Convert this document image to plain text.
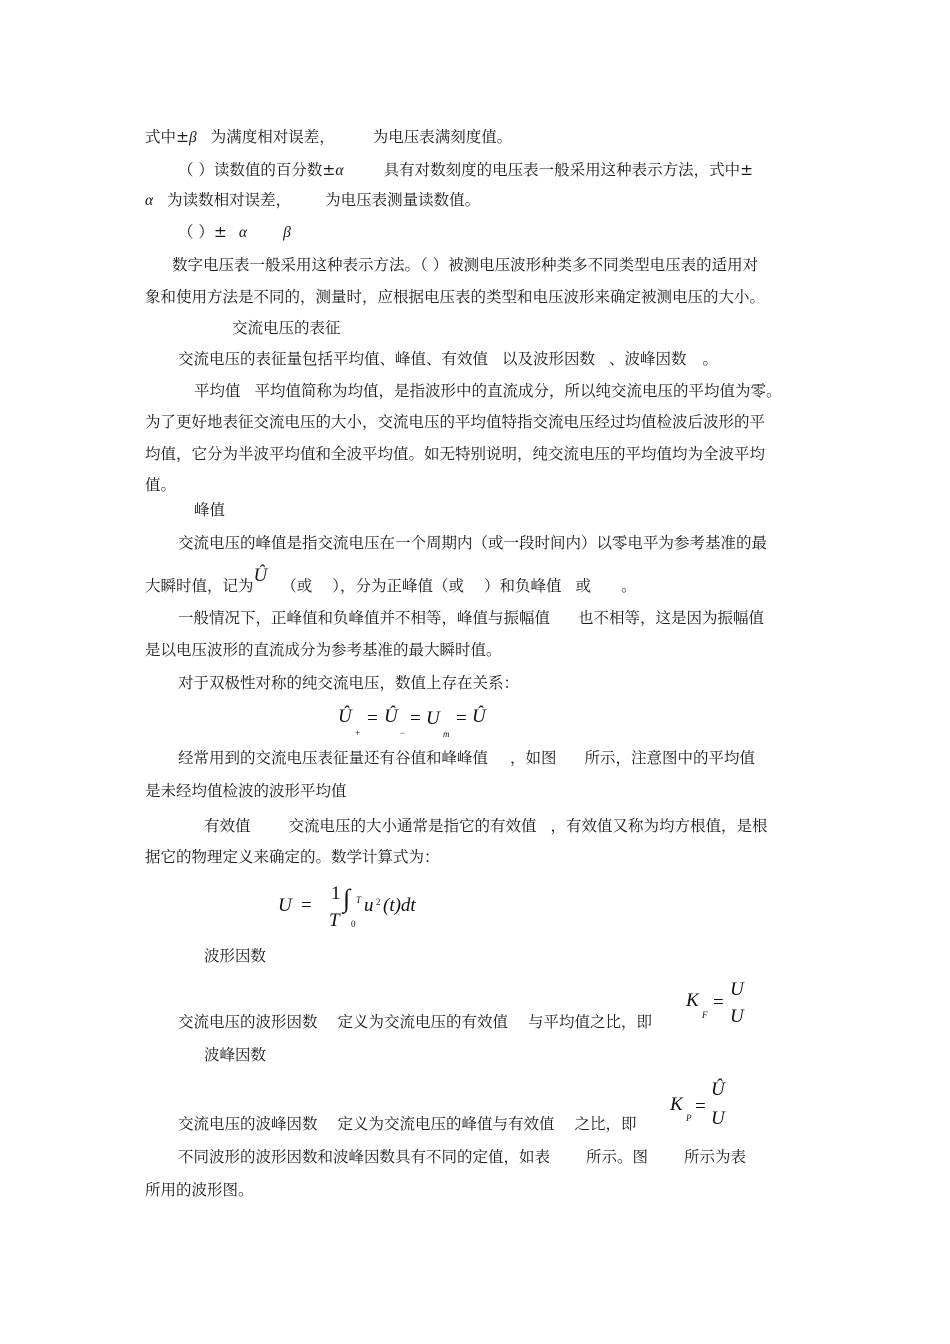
式中±β 为满度相对误差， 为电压表满刻度值。
（ ）读数值的百分数±α	具有对数刻度的电压表一般采用这种表示方法，式中±
α 为读数相对误差， 为电压表测量读数值。
（ ）± α β
数字电压表一般采用这种表示方法。（ ）被测电压波形种类多不同类型电压表的适用对
象和使用方法是不同的，测量时，应根据电压表的类型和电压波形来确定被测电压的大小。
交流电压的表征
交流电压的表征量包括平均值、峰值、有效值 以及波形因数 、波峰因数 。
平均值 平均值简称为均值，是指波形中的直流成分，所以纯交流电压的平均值为零。
为了更好地表征交流电压的大小，交流电压的平均值特指交流电压经过均值检波后波形的平
均值，它分为半波平均值和全波平均值。如无特别说明，纯交流电压的平均值均为全波平均
值。
峰值
交流电压的峰值是指交流电压在一个周期内（或一段时间内）以零电平为参考基准的最
大瞬时值，记为Û （或 ），分为正峰值（或 ）和负峰值 或 。
一般情况下，正峰值和负峰值并不相等，峰值与振幅值 也不相等，这是因为振幅值
是以电压波形的直流成分为参考基准的最大瞬时值。
对于双极性对称的纯交流电压，数值上存在关系：
Û
+
= Û
−
= U
m
= Û
经常用到的交流电压表征量还有谷值和峰峰值 ，如图 所示，注意图中的平均值
是未经均值检波的波形平均值
有效值 交流电压的大小通常是指它的有效值 ，有效值又称为均方根值，是根
据它的物理定义来确定的。数学计算式为：
U =
1
T
∫ T
0
u 2 (t)dt
波形因数
交流电压的波形因数 定义为交流电压的有效值 与平均值之比，即
K
F
=
U
U
波峰因数
交流电压的波峰因数 定义为交流电压的峰值与有效值 之比，即
K
P
=
Û
U
不同波形的波形因数和波峰因数具有不同的定值，如表 所示。图 所示为表
所用的波形图。
